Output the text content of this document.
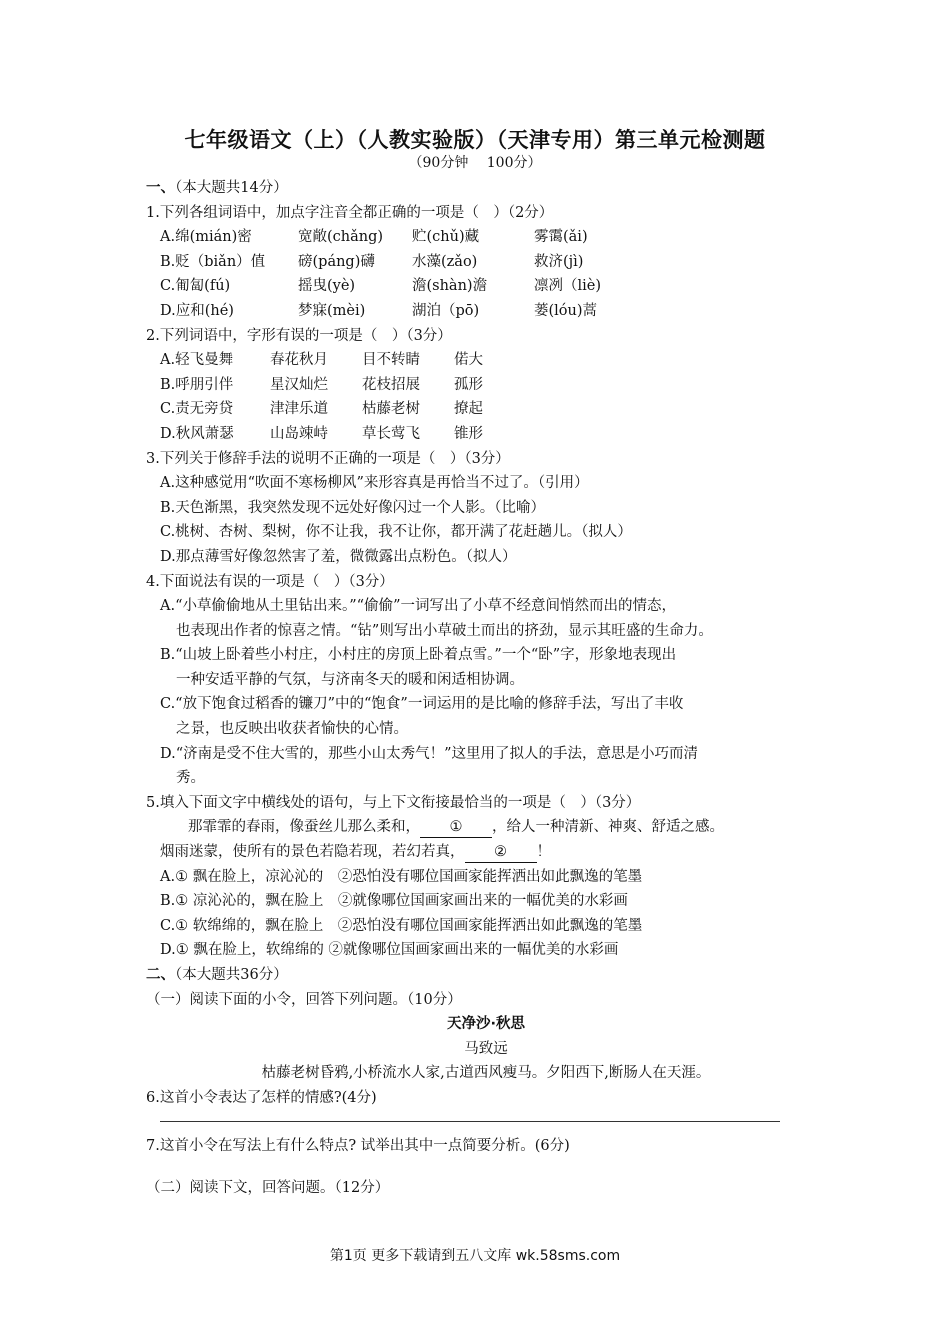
七年级语文（上）（人教实验版）（天津专用）第三单元检测题
（90分钟　 100分）
一、（本大题共14分）
1.下列各组词语中，加点字注音全都正确的一项是（　）（2分）
A.绵(mián)密	宽敞(chǎng) 贮(chǔ)藏	雾霭(ǎi)
B.贬（biǎn）值 磅(páng)礴	水藻(zǎo)	救济(jì)
C.匍匐(fú)	摇曳(yè)	澹(shàn)澹	凛冽（liè)
D.应和(hé)	梦寐(mèi)	湖泊（pō)	蒌(lóu)蒿
2.下列词语中，字形有误的一项是（　）（3分）
A.轻飞曼舞	春花秋月 目不转睛 偌大
B.呼朋引伴	星汉灿烂 花枝招展 孤形
C.责无旁贷	津津乐道 枯藤老树 撩起
D.秋风萧瑟	山岛竦峙 草长莺飞 锥形
3.下列关于修辞手法的说明不正确的一项是（　）（3分）
A.这种感觉用“吹面不寒杨柳风”来形容真是再恰当不过了。（引用）
B.天色渐黑，我突然发现不远处好像闪过一个人影。（比喻）
C.桃树、杏树、梨树，你不让我，我不让你，都开满了花赶趟儿。（拟人）
D.那点薄雪好像忽然害了羞，微微露出点粉色。（拟人）
4.下面说法有误的一项是（　）（3分）
A.“小草偷偷地从土里钻出来。”“偷偷”一词写出了小草不经意间悄然而出的情态，
也表现出作者的惊喜之情。“钻”则写出小草破土而出的挤劲，显示其旺盛的生命力。
B.“山坡上卧着些小村庄，小村庄的房顶上卧着点雪。”一个“卧”字，形象地表现出
一种安适平静的气氛，与济南冬天的暖和闲适相协调。
C.“放下饱食过稻香的镰刀”中的“饱食”一词运用的是比喻的修辞手法，写出了丰收
之景，也反映出收获者愉快的心情。
D.“济南是受不住大雪的，那些小山太秀气！”这里用了拟人的手法，意思是小巧而清
秀。
5.填入下面文字中横线处的语句，与上下文衔接最恰当的一项是（　）（3分）
那霏霏的春雨，像蚕丝儿那么柔和， ① ，给人一种清新、神爽、舒适之感。
烟雨迷蒙，使所有的景色若隐若现，若幻若真， ② ！
A.① 飘在脸上，凉沁沁的　②恐怕没有哪位国画家能挥洒出如此飘逸的笔墨
B.① 凉沁沁的，飘在脸上　②就像哪位国画家画出来的一幅优美的水彩画
C.① 软绵绵的，飘在脸上　②恐怕没有哪位国画家能挥洒出如此飘逸的笔墨
D.① 飘在脸上，软绵绵的 ②就像哪位国画家画出来的一幅优美的水彩画
二、（本大题共36分）
（一）阅读下面的小令，回答下列问题。（10分）
天净沙·秋思
马致远
枯藤老树昏鸦,小桥流水人家,古道西风瘦马。夕阳西下,断肠人在天涯。
6.这首小令表达了怎样的情感?(4分)
7.这首小令在写法上有什么特点? 试举出其中一点简要分析。(6分)
（二）阅读下文，回答问题。（12分）
第1页 更多下载请到五八文库 wk.58sms.com
